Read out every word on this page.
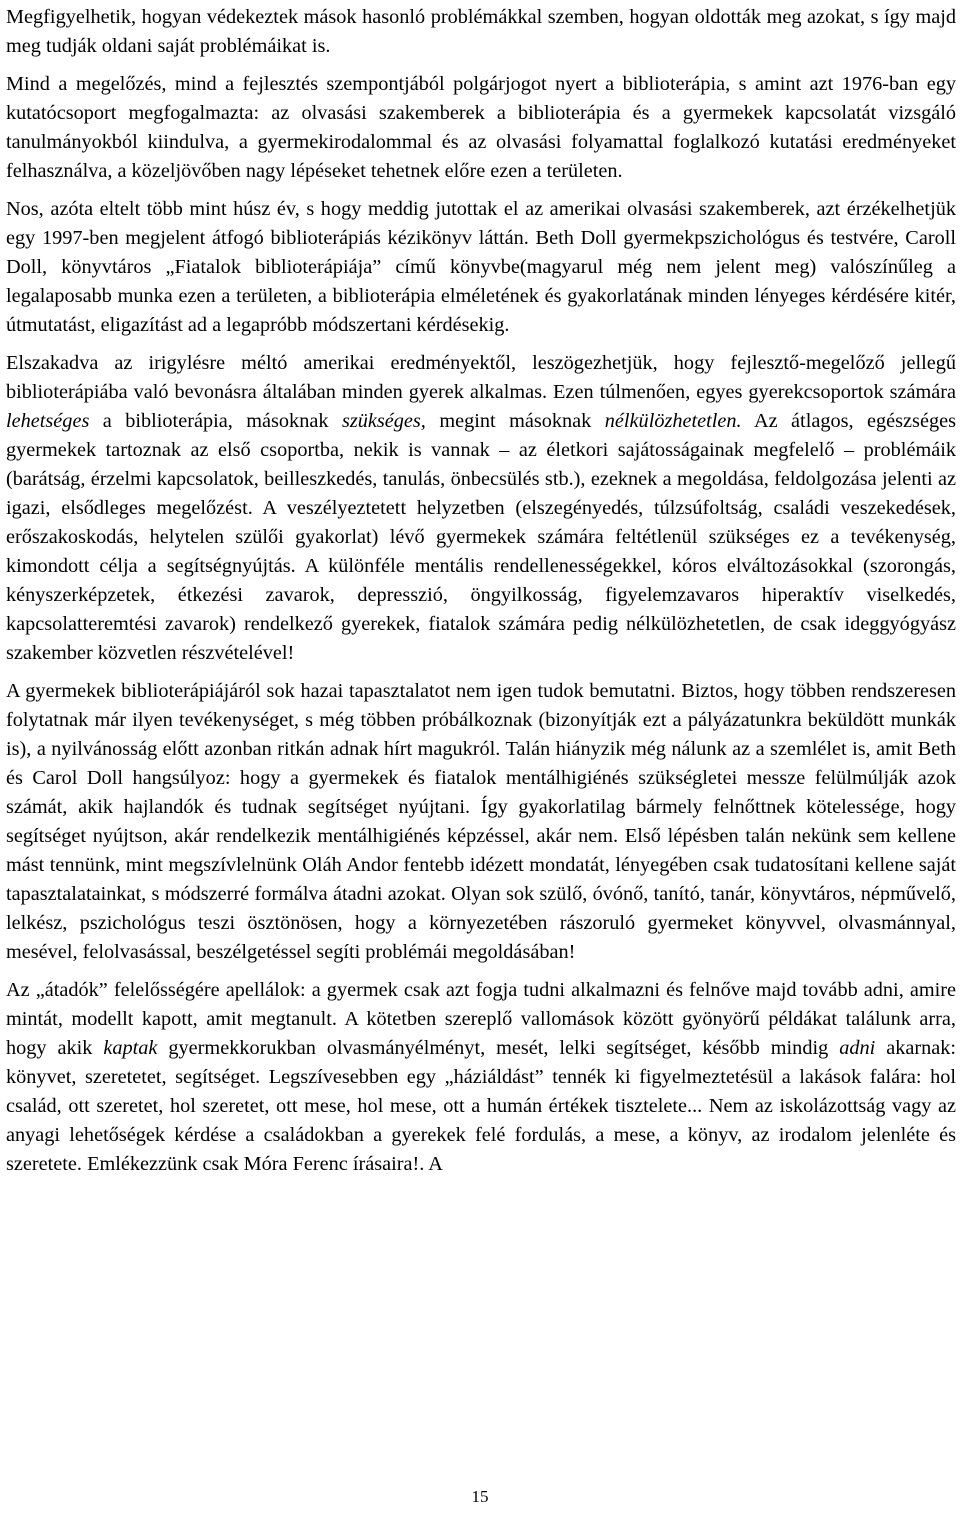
Megfigyelhetik, hogyan védekeztek mások hasonló problémákkal szemben, hogyan oldották meg azokat, s így majd meg tudják oldani saját problémáikat is.

Mind a megelőzés, mind a fejlesztés szempontjából polgárjogot nyert a biblioterápia, s amint azt 1976-ban egy kutatócsoport megfogalmazta: az olvasási szakemberek a biblioterápia és a gyermekek kapcsolatát vizsgáló tanulmányokból kiindulva, a gyermekirodalommal és az olvasási folyamattal foglalkozó kutatási eredményeket felhasználva, a közeljövőben nagy lépéseket tehetnek előre ezen a területen.

Nos, azóta eltelt több mint húsz év, s hogy meddig jutottak el az amerikai olvasási szakemberek, azt érzékelhetjük egy 1997-ben megjelent átfogó biblioterápiás kézikönyv láttán. Beth Doll gyermekpszichológus és testvére, Caroll Doll, könyvtáros „Fiatalok biblioterápiája” című könyvbe(magyarul még nem jelent meg) valószínűleg a legalaposabb munka ezen a területen, a biblioterápia elméletének és gyakorlatának minden lényeges kérdésére kitér, útmutatást, eligazítást ad a legapróbb módszertani kérdésekig.

Elszakadva az irigylésre méltó amerikai eredményektől, leszögezhetjük, hogy fejlesztő-megelőző jellegű biblioterápiába való bevonásra általában minden gyerek alkalmas. Ezen túlmenően, egyes gyerekcsoportok számára lehetséges a biblioterápia, másoknak szükséges, megint másoknak nélkülözhetetlen. Az átlagos, egészséges gyermekek tartoznak az első csoportba, nekik is vannak – az életkori sajátosságainak megfelelő – problémáik (barátság, érzelmi kapcsolatok, beilleszkedés, tanulás, önbecsülés stb.), ezeknek a megoldása, feldolgozása jelenti az igazi, elsődleges megelőzést. A veszélyeztetett helyzetben (elszegényedés, túlzsúfoltság, családi veszekedések, erőszakoskodás, helytelen szülői gyakorlat) lévő gyermekek számára feltétlenül szükséges ez a tevékenység, kimondott célja a segítségnyújtás. A különféle mentális rendellenességekkel, kóros elváltozásokkal (szorongás, kényszerképzetek, étkezési zavarok, depresszió, öngyilkosság, figyelemzavaros hiperaktív viselkedés, kapcsolatteremtési zavarok) rendelkező gyerekek, fiatalok számára pedig nélkülözhetetlen, de csak ideggyógyász szakember közvetlen részvételével!

A gyermekek biblioterápiájáról sok hazai tapasztalatot nem igen tudok bemutatni. Biztos, hogy többen rendszeresen folytatnak már ilyen tevékenységet, s még többen próbálkoznak (bizonyítják ezt a pályázatunkra beküldött munkák is), a nyilvánosság előtt azonban ritkán adnak hírt magukról. Talán hiányzik még nálunk az a szemlélet is, amit Beth és Carol Doll hangsúlyoz: hogy a gyermekek és fiatalok mentálhigiénés szükségletei messze felülmúlják azok számát, akik hajlandók és tudnak segítséget nyújtani. Így gyakorlatilag bármely felnőttnek kötelessége, hogy segítséget nyújtson, akár rendelkezik mentálhigiénés képzéssel, akár nem. Első lépésben talán nekünk sem kellene mást tennünk, mint megszívlelnünk Oláh Andor fentebb idézett mondatát, lényegében csak tudatosítani kellene saját tapasztalatainkat, s módszerré formálva átadni azokat. Olyan sok szülő, óvónő, tanító, tanár, könyvtáros, népművelő, lelkész, pszichológus teszi ösztönösen, hogy a környezetében rászoruló gyermeket könyvvel, olvasmánnyal, mesével, felolvasással, beszélgetéssel segíti problémái megoldásában!

Az „átadók” felelősségére apellálok: a gyermek csak azt fogja tudni alkalmazni és felnőve majd tovább adni, amire mintát, modellt kapott, amit megtanult. A kötetben szereplő vallomások között gyönyörű példákat találunk arra, hogy akik kaptak gyermekkorukban olvasmányélményt, mesét, lelki segítséget, később mindig adni akarnak: könyvet, szeretetet, segítséget. Legszívesebben egy „háziáldást” tennék ki figyelmeztetésül a lakások falára: hol család, ott szeretet, hol szeretet, ott mese, hol mese, ott a humán értékek tisztelete... Nem az iskolázottság vagy az anyagi lehetőségek kérdése a családokban a gyerekek felé fordulás, a mese, a könyv, az irodalom jelenléte és szeretete. Emlékezzünk csak Móra Ferenc írásaira!. A

15
